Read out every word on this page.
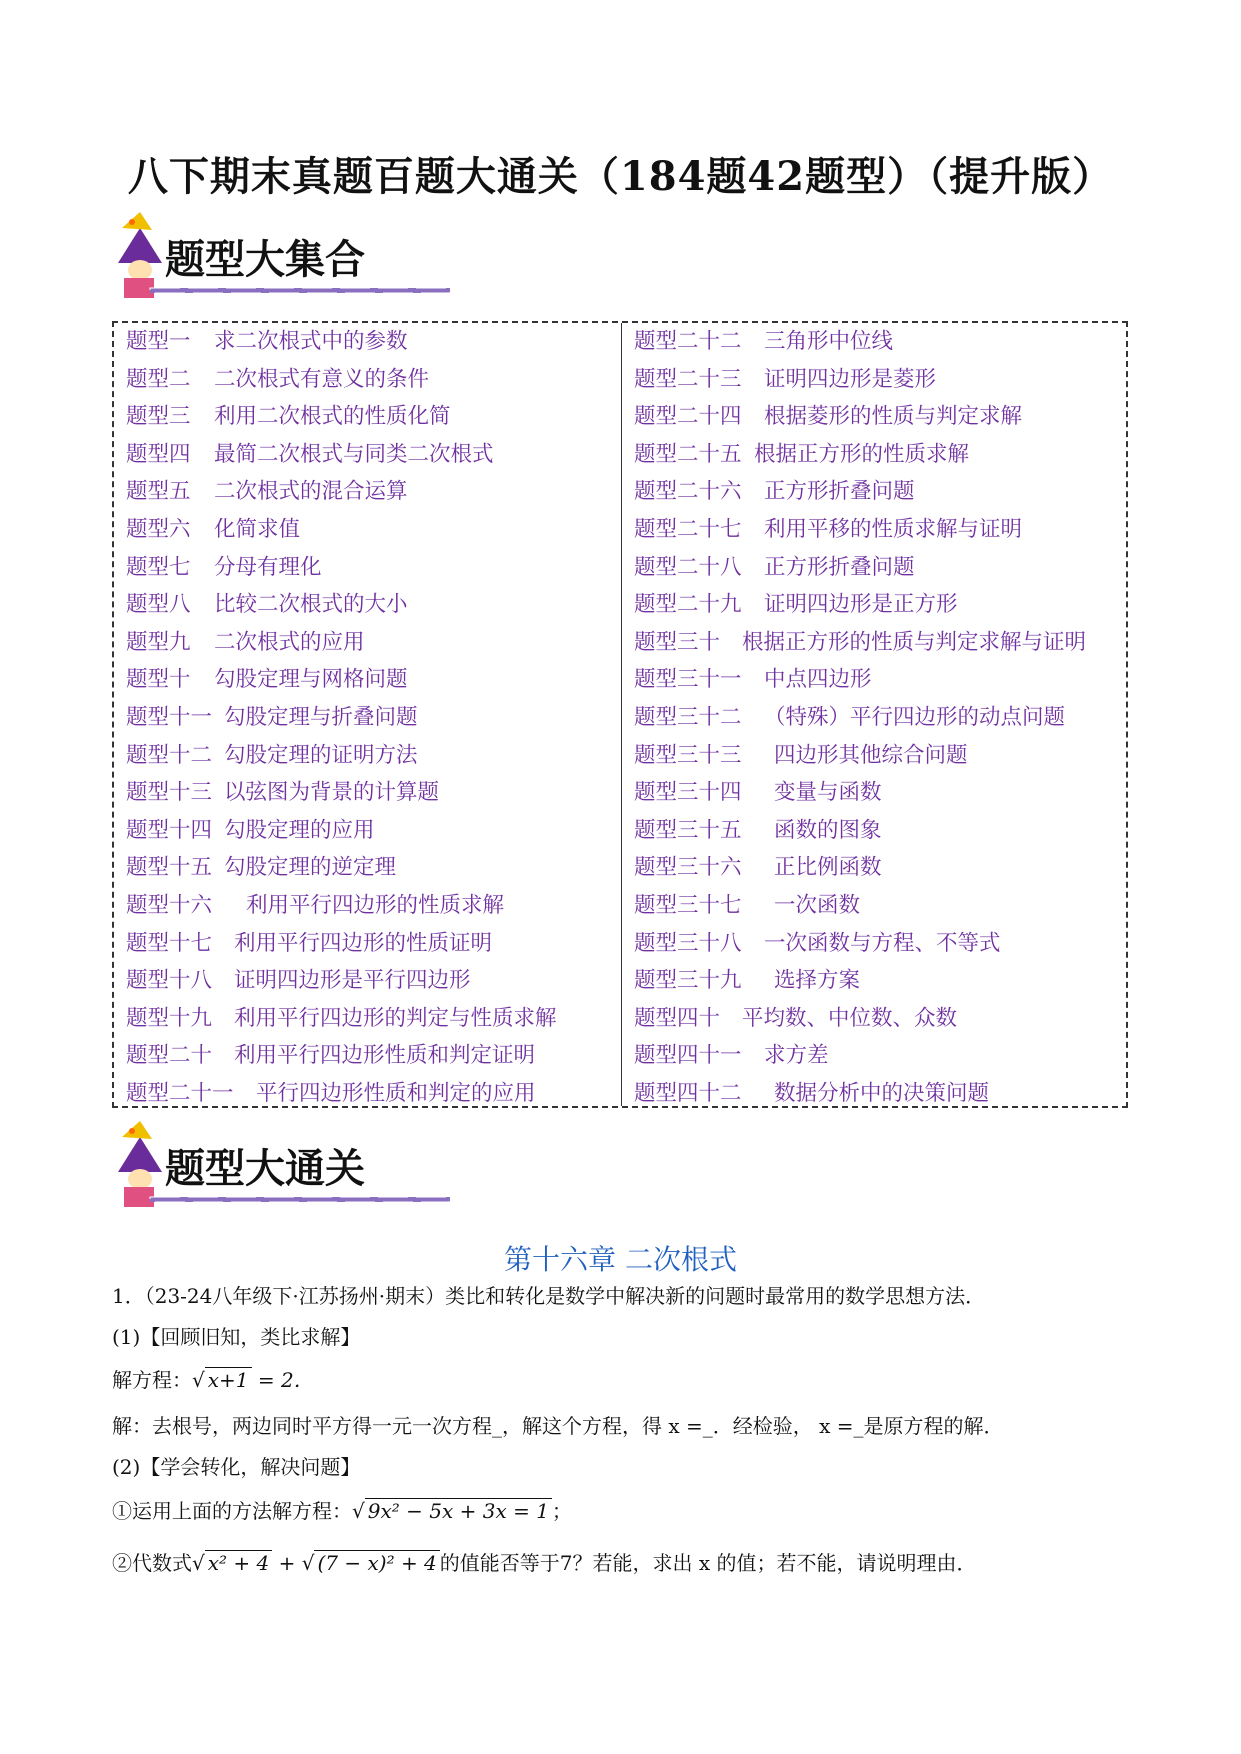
八下期末真题百题大通关（184题42题型）（提升版）
题型大集合
题型一 求二次根式中的参数
题型二 二次根式有意义的条件
题型三 利用二次根式的性质化简
题型四 最简二次根式与同类二次根式
题型五 二次根式的混合运算
题型六 化简求值
题型七 分母有理化
题型八 比较二次根式的大小
题型九 二次根式的应用
题型十 勾股定理与网格问题
题型十一 勾股定理与折叠问题
题型十二 勾股定理的证明方法
题型十三 以弦图为背景的计算题
题型十四 勾股定理的应用
题型十五 勾股定理的逆定理
题型十六 利用平行四边形的性质求解
题型十七 利用平行四边形的性质证明
题型十八 证明四边形是平行四边形
题型十九 利用平行四边形的判定与性质求解
题型二十 利用平行四边形性质和判定证明
题型二十一 平行四边形性质和判定的应用
题型二十二 三角形中位线
题型二十三 证明四边形是菱形
题型二十四 根据菱形的性质与判定求解
题型二十五 根据正方形的性质求解
题型二十六 正方形折叠问题
题型二十七 利用平移的性质求解与证明
题型二十八 正方形折叠问题
题型二十九 证明四边形是正方形
题型三十 根据正方形的性质与判定求解与证明
题型三十一 中点四边形
题型三十二 （特殊）平行四边形的动点问题
题型三十三 四边形其他综合问题
题型三十四 变量与函数
题型三十五 函数的图象
题型三十六 正比例函数
题型三十七 一次函数
题型三十八 一次函数与方程、不等式
题型三十九 选择方案
题型四十 平均数、中位数、众数
题型四十一 求方差
题型四十二 数据分析中的决策问题
题型大通关
第十六章 二次根式
1．（23-24八年级下·江苏扬州·期末）类比和转化是数学中解决新的问题时最常用的数学思想方法．
(1)【回顾旧知，类比求解】
解方程：√ x+1 = 2．
解：去根号，两边同时平方得一元一次方程_，解这个方程，得 x =_．经检验， x =_是原方程的解．
(2)【学会转化，解决问题】
①运用上面的方法解方程：√ 9x² − 5x + 3x = 1 ；
②代数式√ x² + 4 + √ (7 − x)² + 4 的值能否等于7？若能，求出 x 的值；若不能，请说明理由．
